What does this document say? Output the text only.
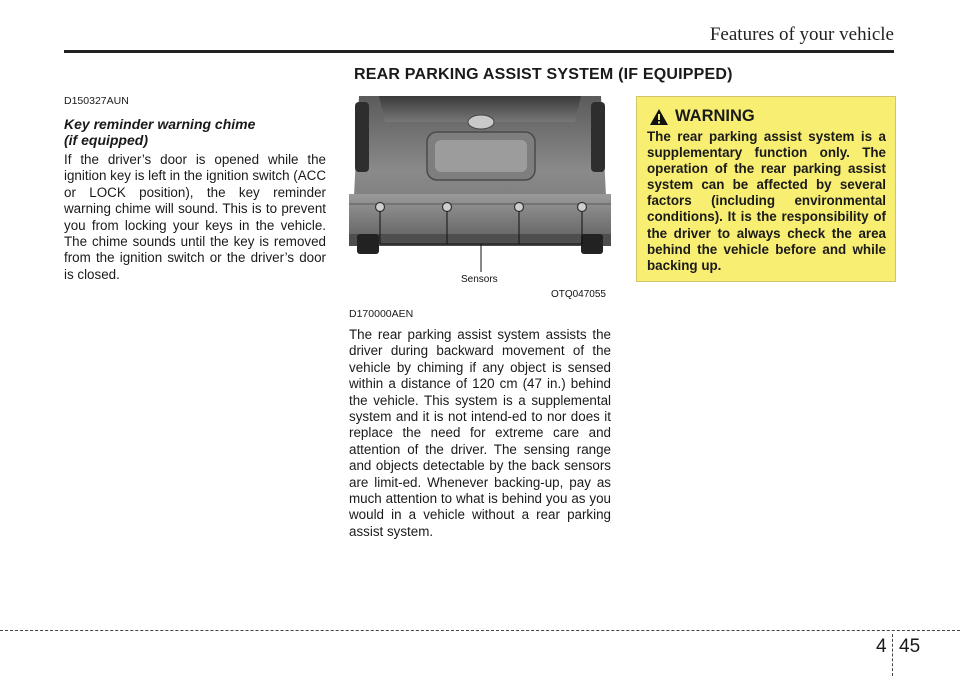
Features of your vehicle
REAR PARKING ASSIST SYSTEM (IF EQUIPPED)
D150327AUN
Key reminder warning chime
(if equipped)
If the driver’s door is opened while the ignition key is left in the ignition switch (ACC or LOCK position), the key reminder warning chime will sound. This is to prevent you from locking your keys in the vehicle. The chime sounds until the key is removed from the ignition switch or the driver’s door is closed.	Sensors
OTQ047055
D170000AEN
The rear parking assist system assists the driver during backward movement of the vehicle by chiming if any object is sensed within a distance of 120 cm (47 in.) behind the vehicle. This system is a supplemental system and it is not intend-ed to nor does it replace the need for extreme care and attention of the driver. The sensing range and objects detectable by the back sensors are limit-ed. Whenever backing-up, pay as much attention to what is behind you as you would in a vehicle without a rear parking assist system.
WARNING
The rear parking assist system is a supplementary function only. The operation of the rear parking assist system can be affected by several factors (including environmental conditions). It is the responsibility of the driver to always check the area behind the vehicle before and while backing up.
4 45
